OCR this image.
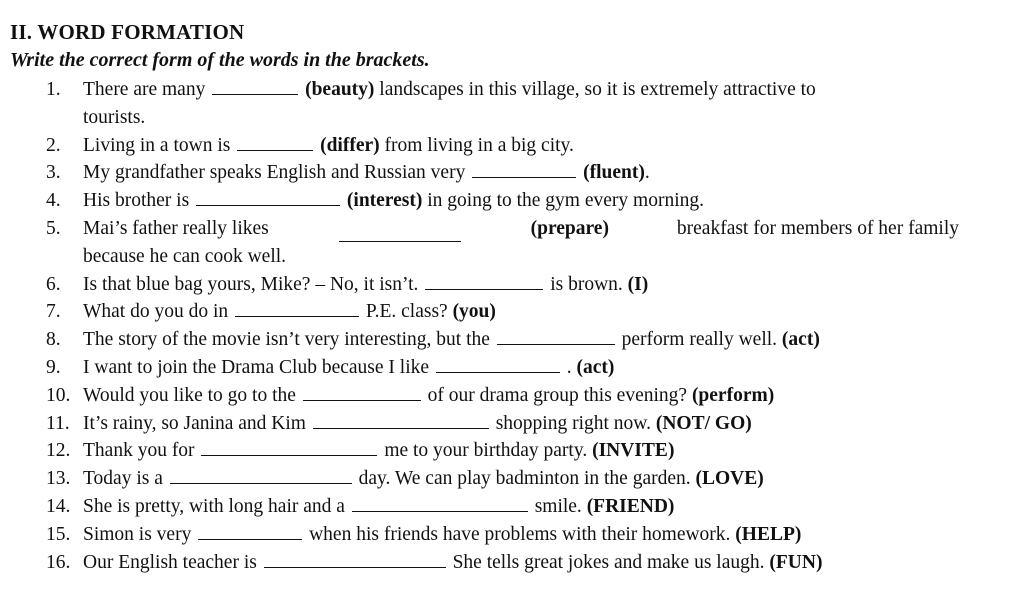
II. WORD FORMATION
Write the correct form of the words in the brackets.
1. There are many	(beauty) landscapes in this village, so it is extremely attractive to
tourists.
2. Living in a town is	(differ) from living in a big city.
3. My grandfather speaks English and Russian very	(fluent).
4. His brother is	(interest) in going to the gym every morning.
5. Mai’s father really likes	(prepare)	breakfast for members of her family
because he can cook well.
6. Is that blue bag yours, Mike? – No, it isn’t.	is brown. (I)
7. What do you do in	P.E. class? (you)
8. The story of the movie isn’t very interesting, but the	perform really well. (act)
9. I want to join the Drama Club because I like	. (act)
10. Would you like to go to the	of our drama group this evening? (perform)
11. It’s rainy, so Janina and Kim	shopping right now. (NOT/ GO)
12. Thank you for	me to your birthday party. (INVITE)
13. Today is a	day. We can play badminton in the garden. (LOVE)
14. She is pretty, with long hair and a	smile. (FRIEND)
15. Simon is very	when his friends have problems with their homework. (HELP)
16. Our English teacher is	She tells great jokes and make us laugh. (FUN)
